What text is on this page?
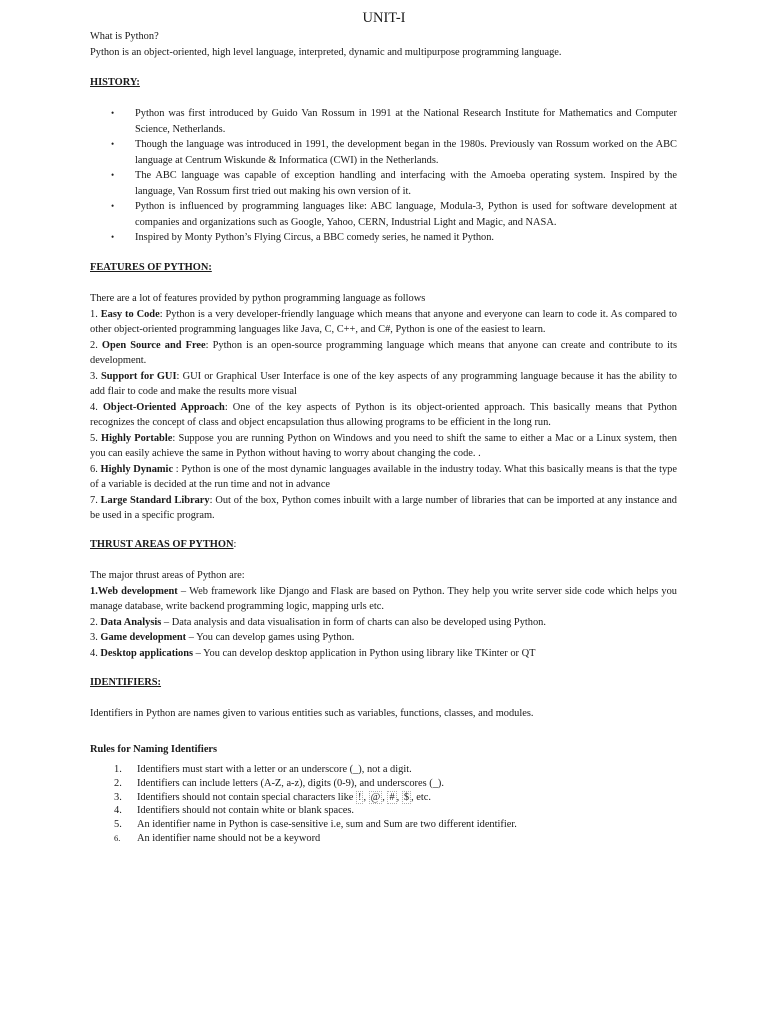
UNIT-I
What is Python?
Python is an object-oriented, high level language, interpreted, dynamic and multipurpose programming language.
HISTORY:
• Python was first introduced by Guido Van Rossum in 1991 at the National Research Institute for Mathematics and Computer Science, Netherlands.
• Though the language was introduced in 1991, the development began in the 1980s. Previously van Rossum worked on the ABC language at Centrum Wiskunde & Informatica (CWI) in the Netherlands.
• The ABC language was capable of exception handling and interfacing with the Amoeba operating system. Inspired by the language, Van Rossum first tried out making his own version of it.
• Python is influenced by programming languages like: ABC language, Modula-3, Python is used for software development at companies and organizations such as Google, Yahoo, CERN, Industrial Light and Magic, and NASA.
• Inspired by Monty Python’s Flying Circus, a BBC comedy series, he named it Python.
FEATURES OF PYTHON:
There are a lot of features provided by python programming language as follows
1. Easy to Code: Python is a very developer-friendly language which means that anyone and everyone can learn to code it. As compared to other object-oriented programming languages like Java, C, C++, and C#, Python is one of the easiest to learn.
2. Open Source and Free: Python is an open-source programming language which means that anyone can create and contribute to its development.
3. Support for GUI: GUI or Graphical User Interface is one of the key aspects of any programming language because it has the ability to add flair to code and make the results more visual
4. Object-Oriented Approach: One of the key aspects of Python is its object-oriented approach. This basically means that Python recognizes the concept of class and object encapsulation thus allowing programs to be efficient in the long run.
5. Highly Portable: Suppose you are running Python on Windows and you need to shift the same to either a Mac or a Linux system, then you can easily achieve the same in Python without having to worry about changing the code. .
6. Highly Dynamic : Python is one of the most dynamic languages available in the industry today. What this basically means is that the type of a variable is decided at the run time and not in advance
7. Large Standard Library: Out of the box, Python comes inbuilt with a large number of libraries that can be imported at any instance and be used in a specific program.
THRUST AREAS OF PYTHON:
The major thrust areas of Python are:
1.Web development – Web framework like Django and Flask are based on Python. They help you write server side code which helps you manage database, write backend programming logic, mapping urls etc.
2. Data Analysis – Data analysis and data visualisation in form of charts can also be developed using Python.
3. Game development – You can develop games using Python.
4. Desktop applications – You can develop desktop application in Python using library like TKinter or QT
IDENTIFIERS:
Identifiers in Python are names given to various entities such as variables, functions, classes, and modules.
Rules for Naming Identifiers
1. Identifiers must start with a letter or an underscore (_), not a digit.
2. Identifiers can include letters (A-Z, a-z), digits (0-9), and underscores (_).
3. Identifiers should not contain special characters like ! , @ , # , $ , etc.
4. Identifiers should not contain white or blank spaces.
5. An identifier name in Python is case-sensitive i.e, sum and Sum are two different identifier.
6. An identifier name should not be a keyword
